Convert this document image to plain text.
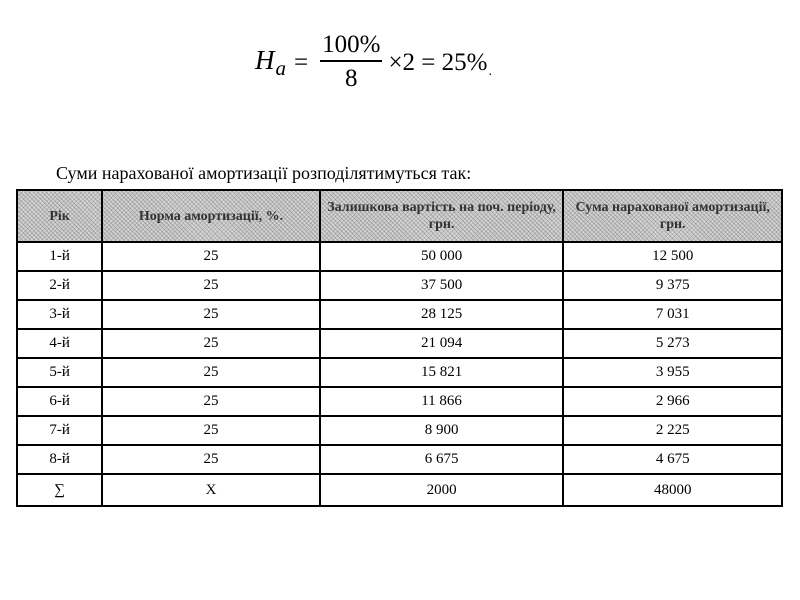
$H_a = \frac{100\%}{8} \times 2 = 25\%$ .
Суми нарахованої амортизації розподілятимуться так:
Рік	Норма амортизації, %.	Залишкова вартість на поч. періоду, грн.	Сума нарахованої амортизації, грн.
1-й	25	50 000	12 500
2-й	25	37 500	9 375
3-й	25	28 125	7 031
4-й	25	21 094	5 273
5-й	25	15 821	3 955
6-й	25	11 866	2 966
7-й	25	8 900	2 225
8-й	25	6 675	4 675
∑	Х	2000	48000
